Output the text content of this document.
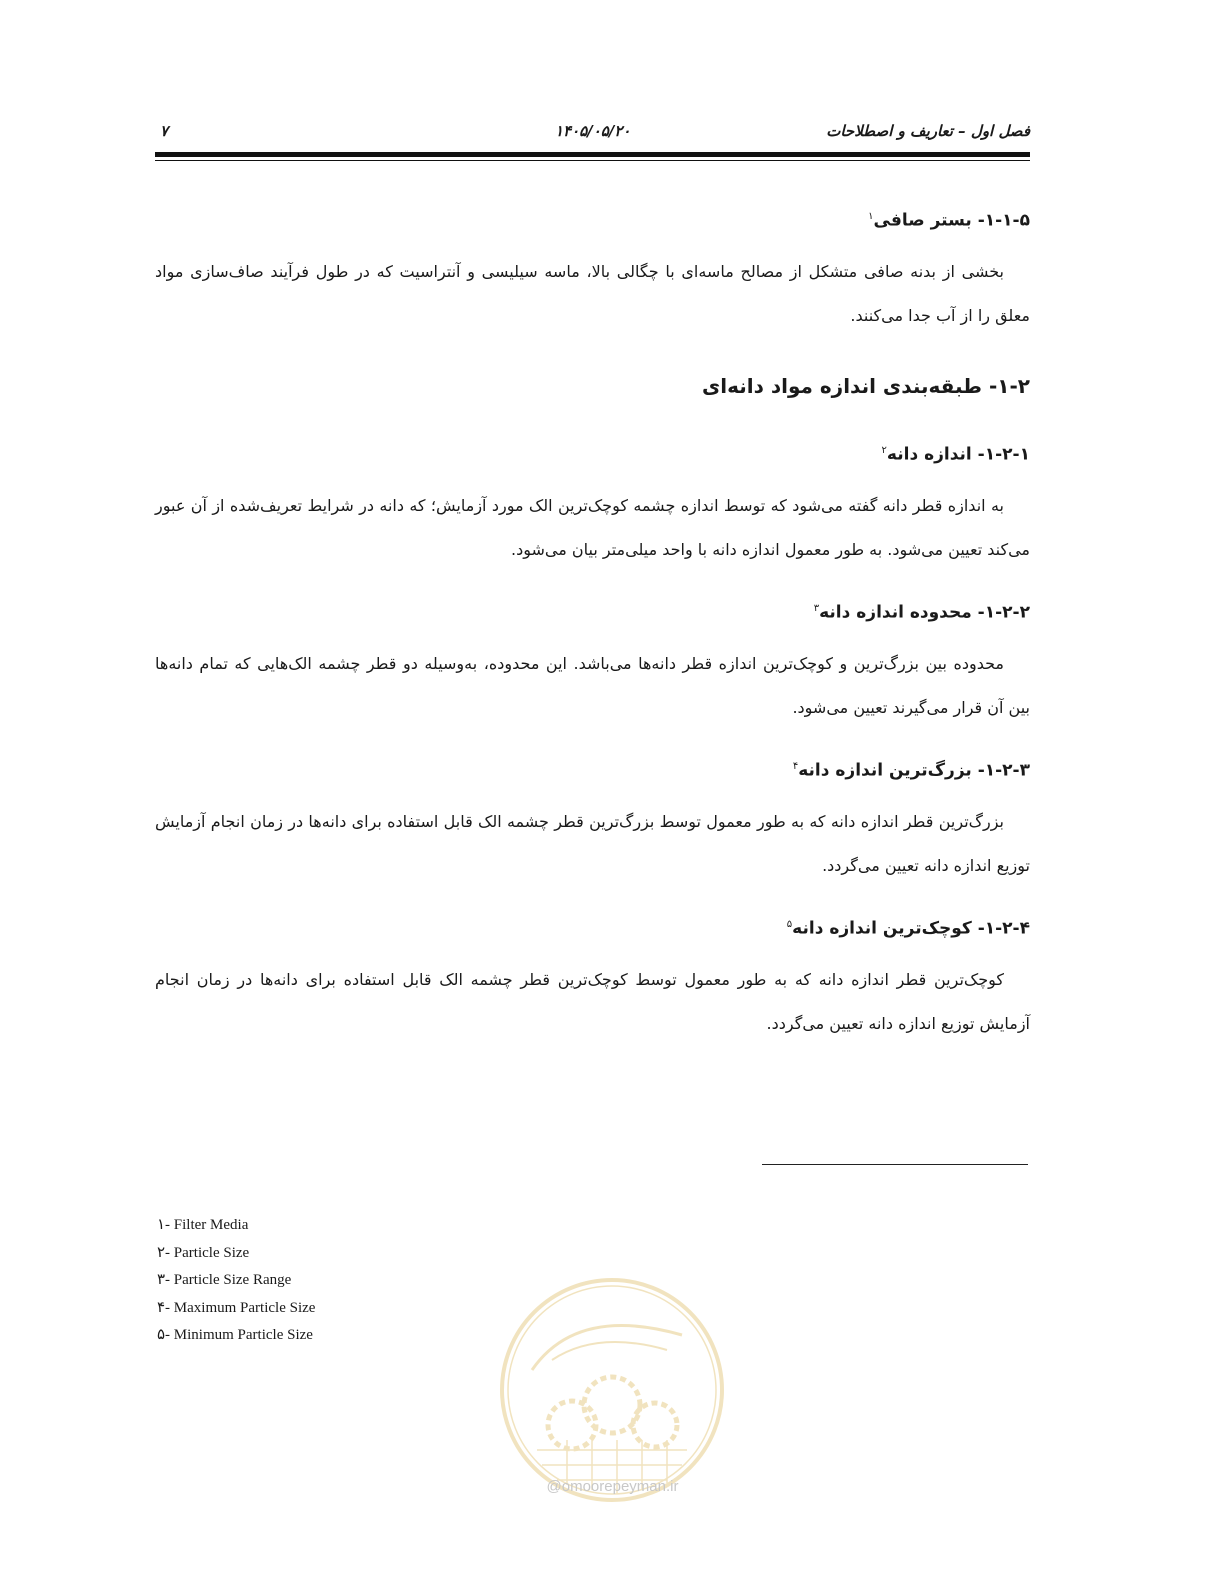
فصل اول – تعاریف و اصطلاحات
۱۴۰۵/۰۵/۲۰
۷
۱-۱-۵- بستر صافی$^۱$

بخشی از بدنه صافی متشکل از مصالح ماسه‌ای با چگالی بالا، ماسه سیلیسی و آنتراسیت که در طول فرآیند صاف‌سازی مواد معلق را از آب جدا می‌کنند.

۱-۲- طبقه‌بندی اندازه مواد دانه‌ای
۱-۲-۱- اندازه دانه$^۲$

به اندازه قطر دانه گفته می‌شود که توسط اندازه چشمه کوچک‌ترین الک مورد آزمایش؛ که دانه در شرایط تعریف‌شده از آن عبور می‌کند تعیین می‌شود. به طور معمول اندازه دانه با واحد میلی‌متر بیان می‌شود.

۱-۲-۲- محدوده اندازه دانه$^۳$

محدوده بین بزرگ‌ترین و کوچک‌ترین اندازه قطر دانه‌ها می‌باشد. این محدوده، به‌وسیله دو قطر چشمه الک‌هایی که تمام دانه‌ها بین آن قرار می‌گیرند تعیین می‌شود.

۱-۲-۳- بزرگ‌ترین اندازه دانه$^۴$

بزرگ‌ترین قطر اندازه دانه که به طور معمول توسط بزرگ‌ترین قطر چشمه الک قابل استفاده برای دانه‌ها در زمان انجام آزمایش توزیع اندازه دانه تعیین می‌گردد.

۱-۲-۴- کوچک‌ترین اندازه دانه$^۵$

کوچک‌ترین قطر اندازه دانه که به طور معمول توسط کوچک‌ترین قطر چشمه الک قابل استفاده برای دانه‌ها در زمان انجام آزمایش توزیع اندازه دانه تعیین می‌گردد.

۱- Filter Media
۲- Particle Size
۳- Particle Size Range
۴- Maximum Particle Size
۵- Minimum Particle Size
@omoorepeyman.ir
